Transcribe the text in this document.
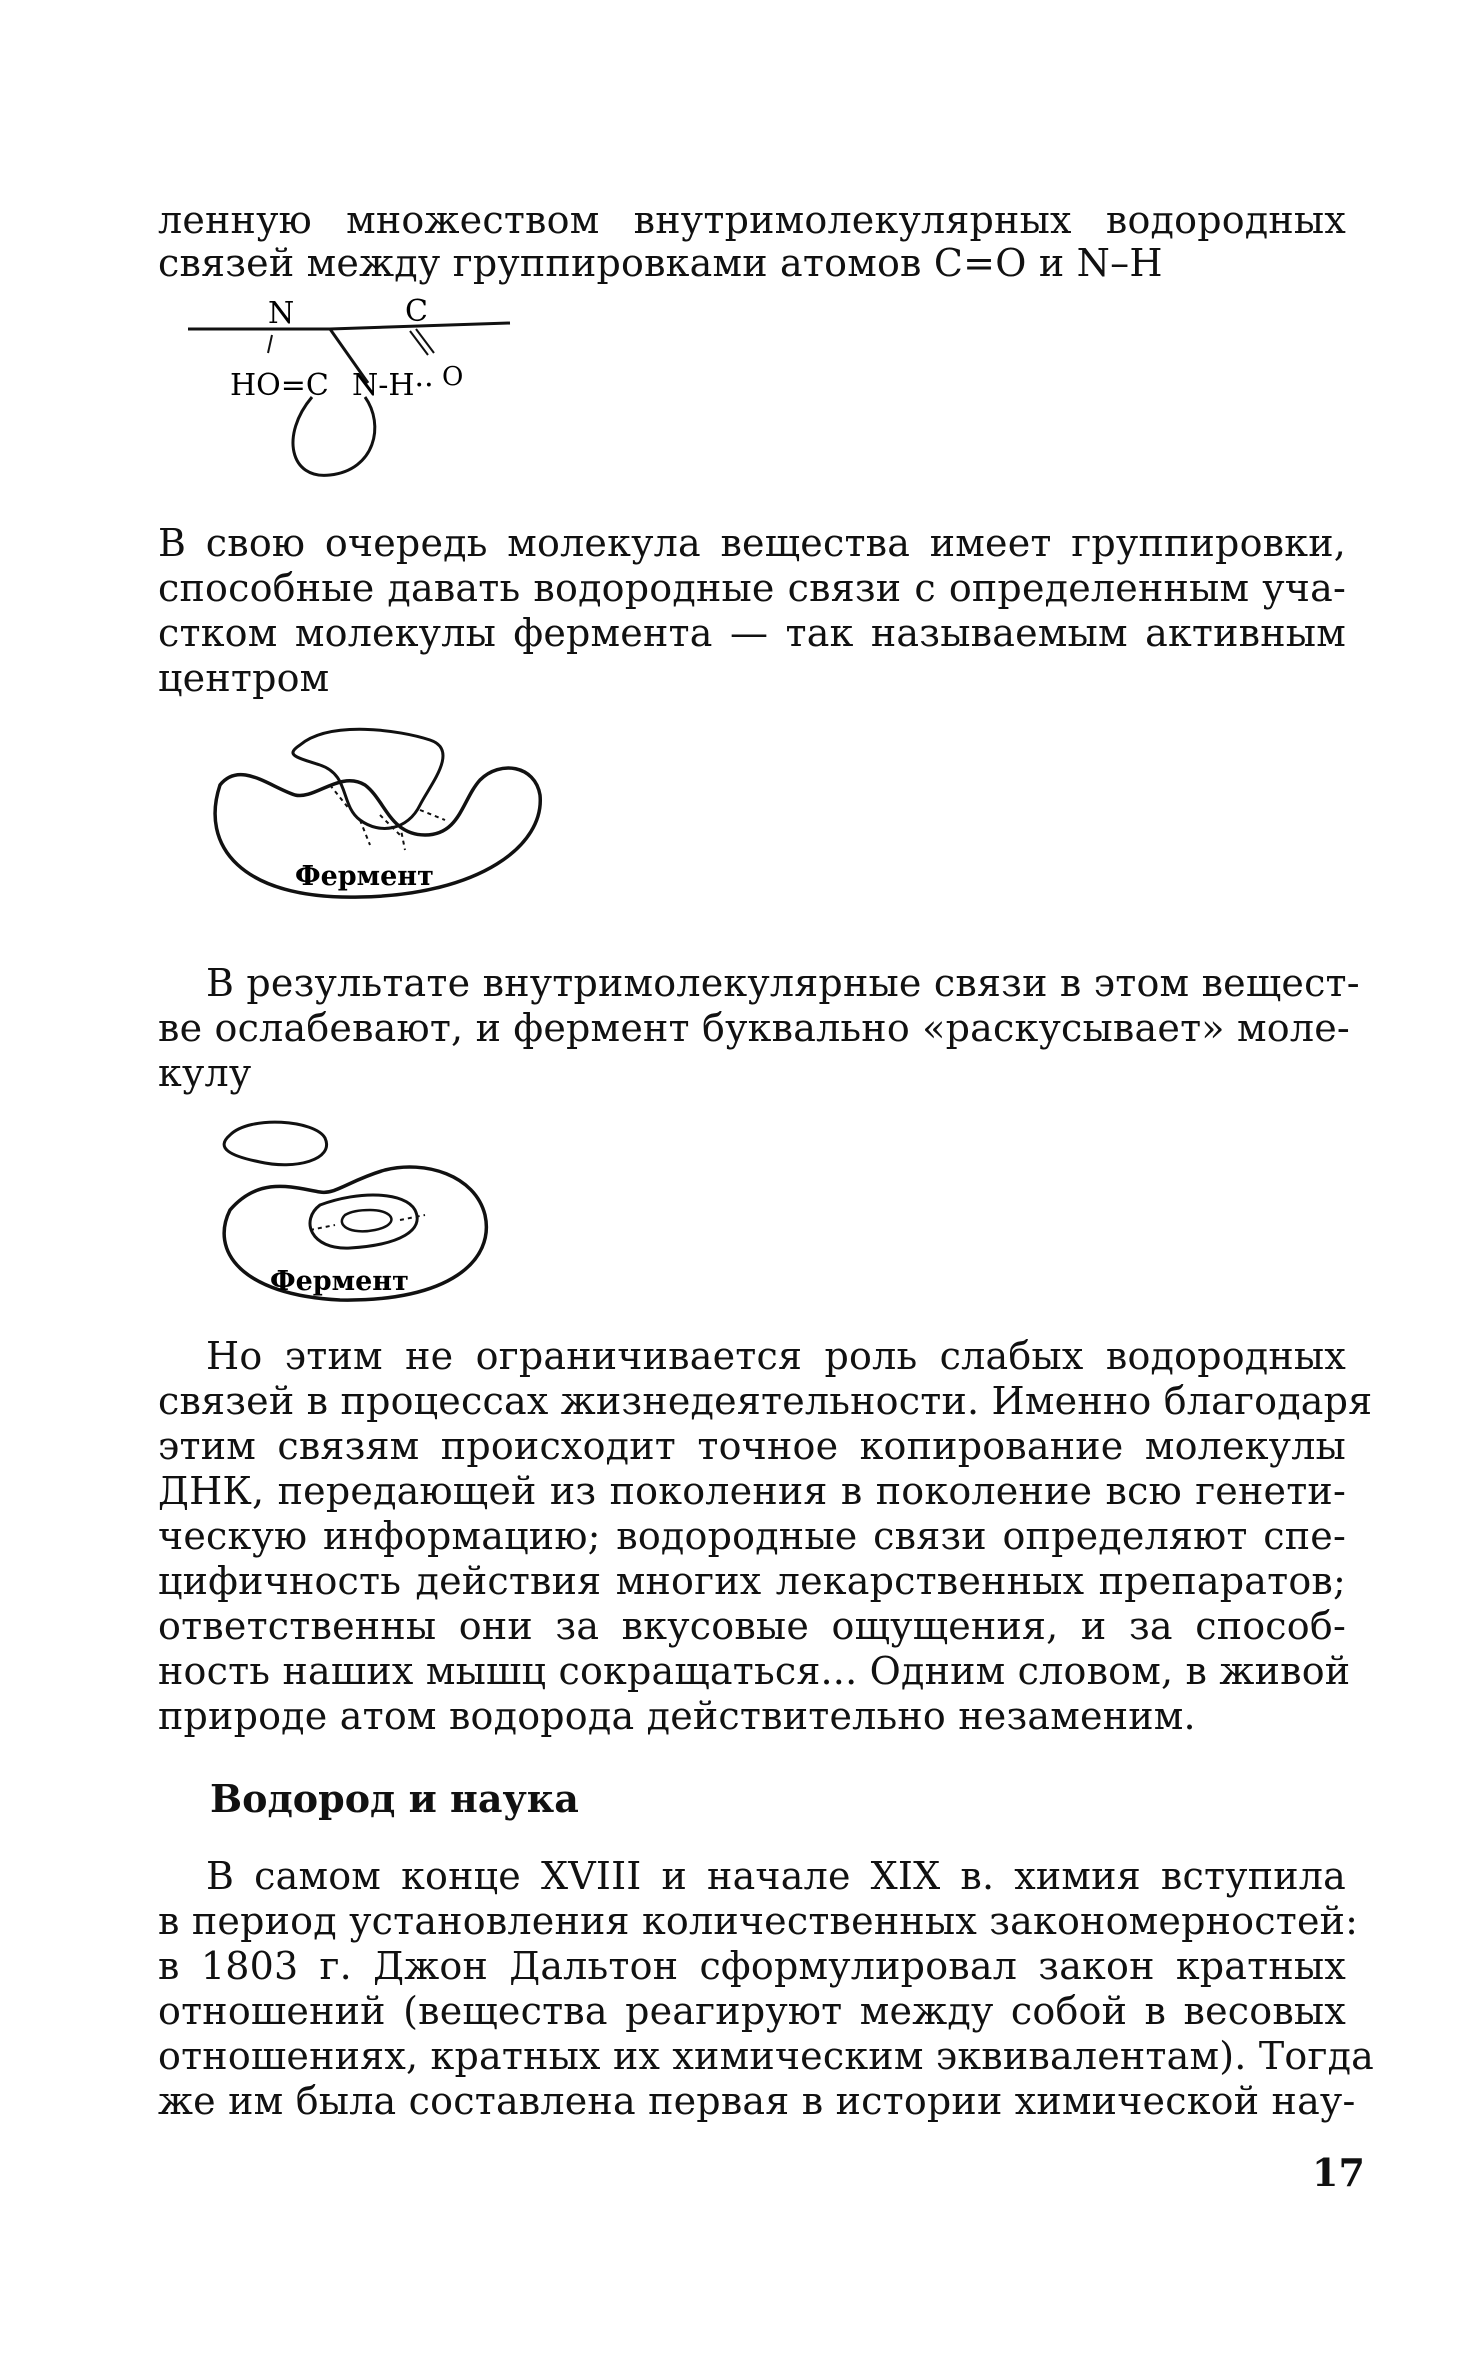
ленную множеством внутримолекулярных водородных
связей между группировками атомов C=O и N–H
N	C
HO=C N-H·· O
В свою очередь молекула вещества имеет группировки,
способные давать водородные связи с определенным уча-
стком молекулы фермента — так называемым активным
центром
Фермент
В результате внутримолекулярные связи в этом вещест-
ве ослабевают, и фермент буквально «раскусывает» моле-
кулу
Фермент
Но этим не ограничивается роль слабых водородных
связей в процессах жизнедеятельности. Именно благодаря
этим связям происходит точное копирование молекулы
ДНК, передающей из поколения в поколение всю генети-
ческую информацию; водородные связи определяют спе-
цифичность действия многих лекарственных препаратов;
ответственны они за вкусовые ощущения, и за способ-
ность наших мышц сокращаться... Одним словом, в живой
природе атом водорода действительно незаменим.
Водород и наука
В самом конце XVIII и начале XIX в. химия вступила
в период установления количественных закономерностей:
в 1803 г. Джон Дальтон сформулировал закон кратных
отношений (вещества реагируют между собой в весовых
отношениях, кратных их химическим эквивалентам). Тогда
же им была составлена первая в истории химической нау-
17
